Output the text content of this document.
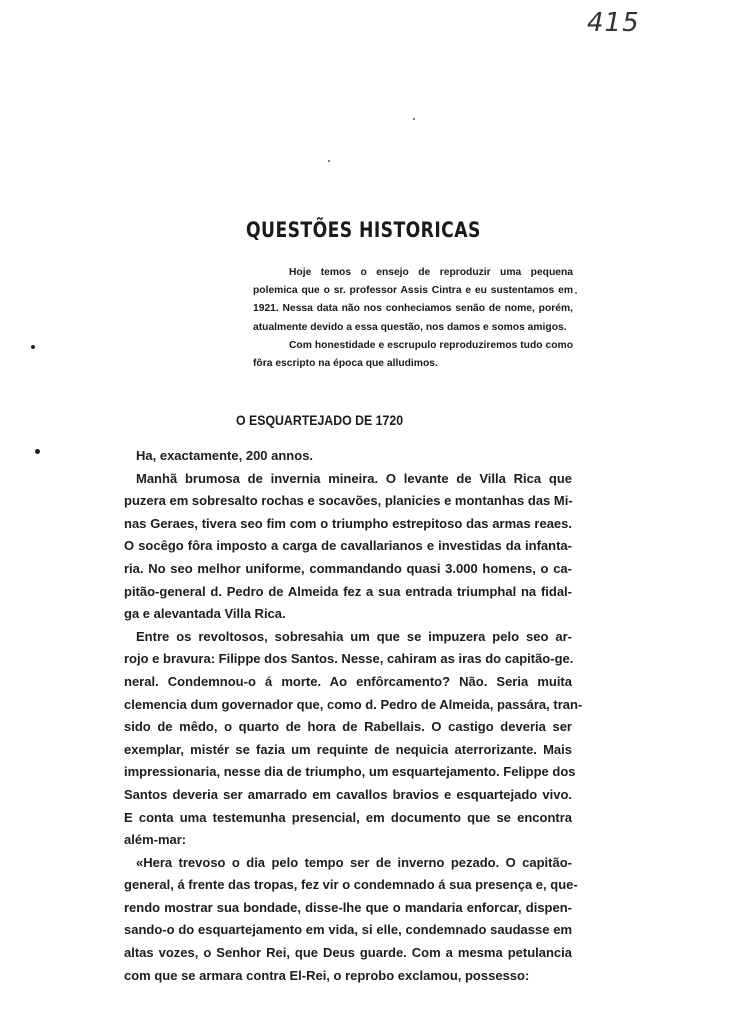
415
QUESTÕES HISTORICAS

Hoje temos o ensejo de reproduzir uma pequena polemica que o sr. professor Assis Cintra e eu sustentamos em 1921. Nessa data não nos conheciamos senão de nome, porém, atualmente devido a essa questão, nos damos e somos amigos.

Com honestidade e escrupulo reproduziremos tudo como fôra escripto na época que alludimos.

O ESQUARTEJADO DE 1720

Ha, exactamente, 200 annos.

Manhã brumosa de invernia mineira. O levante de Villa Rica que
puzera em sobresalto rochas e socavões, planicies e montanhas das Mi-
nas Geraes, tivera seo fim com o triumpho estrepitoso das armas reaes.
O socêgo fôra imposto a carga de cavallarianos e investidas da infanta-
ria. No seo melhor uniforme, commandando quasi 3.000 homens, o ca-
pitão-general d. Pedro de Almeida fez a sua entrada triumphal na fidal-
ga e alevantada Villa Rica.

Entre os revoltosos, sobresahia um que se impuzera pelo seo ar-
rojo e bravura: Filippe dos Santos. Nesse, cahiram as iras do capitão-ge.
neral. Condemnou-o á morte. Ao enfôrcamento? Não. Seria muita
clemencia dum governador que, como d. Pedro de Almeida, passára, tran-
sido de mêdo, o quarto de hora de Rabellais. O castigo deveria ser
exemplar, mistér se fazia um requinte de nequicia aterrorizante. Mais
impressionaria, nesse dia de triumpho, um esquartejamento. Felippe dos
Santos deveria ser amarrado em cavallos bravios e esquartejado vivo.
E conta uma testemunha presencial, em documento que se encontra
além-mar:

«Hera trevoso o dia pelo tempo ser de inverno pezado. O capitão-
general, á frente das tropas, fez vir o condemnado á sua presença e, que-
rendo mostrar sua bondade, disse-lhe que o mandaria enforcar, dispen-
sando-o do esquartejamento em vida, si elle, condemnado saudasse em
altas vozes, o Senhor Rei, que Deus guarde. Com a mesma petulancia
com que se armara contra El-Rei, o reprobo exclamou, possesso:
